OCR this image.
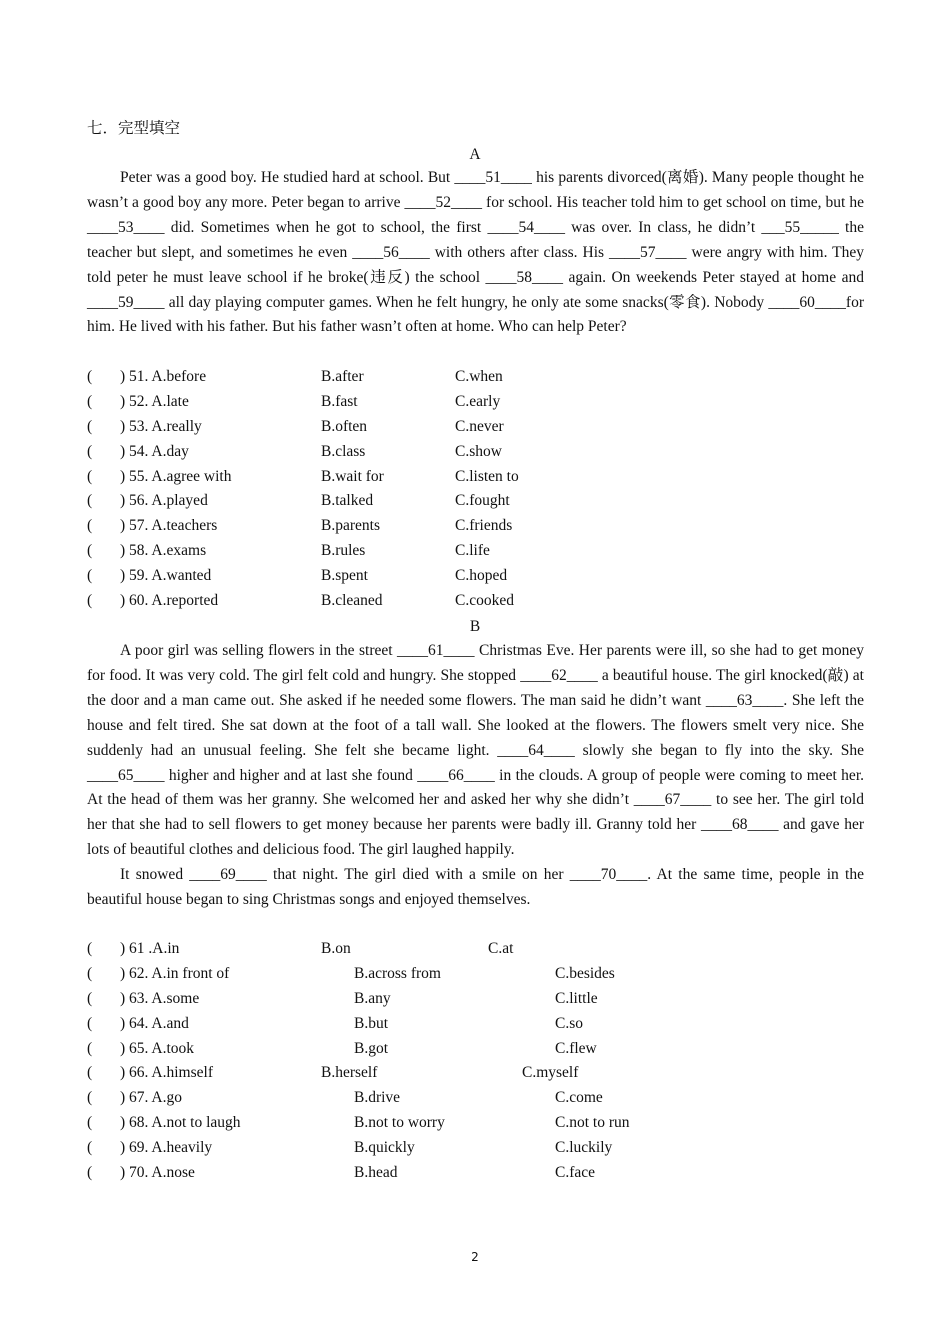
七．完型填空
A

Peter was a good boy. He studied hard at school. But ____51____ his parents divorced(离婚). Many people thought he wasn’t a good boy any more. Peter began to arrive ____52____ for school. His teacher told him to get school on time, but he ____53____ did. Sometimes when he got to school, the first ____54____ was over. In class, he didn’t ___55_____ the teacher but slept, and sometimes he even ____56____ with others after class. His ____57____ were angry with him. They told peter he must leave school if he broke(违反) the school ____58____ again. On weekends Peter stayed at home and ____59____ all day playing computer games. When he felt hungry, he only ate some snacks(零食). Nobody ____60____for him. He lived with his father. But his father wasn’t often at home. Who can help Peter?

( ) 51. A.before	B.after	C.when
( ) 52. A.late	B.fast	C.early
( ) 53. A.really	B.often	C.never
( ) 54. A.day	B.class	C.show
( ) 55. A.agree with	B.wait for	C.listen to
( ) 56. A.played	B.talked	C.fought
( ) 57. A.teachers	B.parents	C.friends
( ) 58. A.exams	B.rules	C.life
( ) 59. A.wanted	B.spent	C.hoped
( ) 60. A.reported	B.cleaned	C.cooked
B

A poor girl was selling flowers in the street ____61____ Christmas Eve. Her parents were ill, so she had to get money for food. It was very cold. The girl felt cold and hungry. She stopped ____62____ a beautiful house. The girl knocked(敲) at the door and a man came out. She asked if he needed some flowers. The man said he didn’t want ____63____. She left the house and felt tired. She sat down at the foot of a tall wall. She looked at the flowers. The flowers smelt very nice. She suddenly had an unusual feeling. She felt she became light. ____64____ slowly she began to fly into the sky. She ____65____ higher and higher and at last she found ____66____ in the clouds. A group of people were coming to meet her. At the head of them was her granny. She welcomed her and asked her why she didn’t ____67____ to see her. The girl told her that she had to sell flowers to get money because her parents were badly ill. Granny told her ____68____ and gave her lots of beautiful clothes and delicious food. The girl laughed happily.

It snowed ____69____ that night. The girl died with a smile on her ____70____. At the same time, people in the beautiful house began to sing Christmas songs and enjoyed themselves.

( ) 61 .A.in	B.on	C.at
( ) 62. A.in front of	B.across from	C.besides
( ) 63. A.some	B.any	C.little
( ) 64. A.and	B.but	C.so
( ) 65. A.took	B.got	C.flew
( ) 66. A.himself	B.herself	C.myself
( ) 67. A.go	B.drive	C.come
( ) 68. A.not to laugh	B.not to worry	C.not to run
( ) 69. A.heavily	B.quickly	C.luckily
( ) 70. A.nose	B.head	C.face
2
